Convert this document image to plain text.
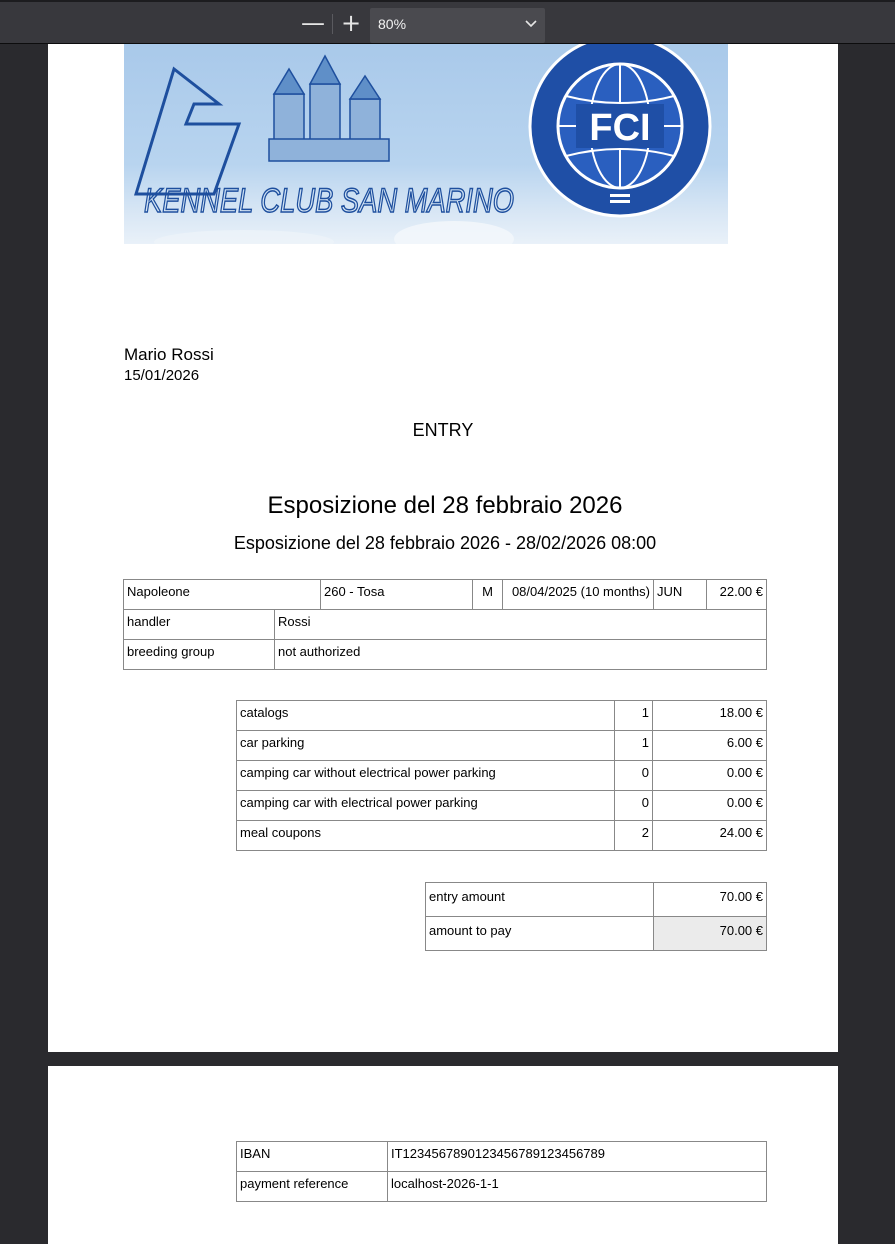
— +	80%
FCI
KENNEL CLUB SAN MARINO
Mario Rossi
15/01/2026
ENTRY
Esposizione del 28 febbraio 2026
Esposizione del 28 febbraio 2026 - 28/02/2026 08:00
Napoleone		260 - Tosa	M	08/04/2025 (10 months)	JUN	22.00 €
handler	Rossi					
breeding group	not authorized					
catalogs	1	18.00 €
car parking	1	6.00 €
camping car without electrical power parking	0	0.00 €
camping car with electrical power parking	0	0.00 €
meal coupons	2	24.00 €
entry amount	70.00 €
amount to pay	70.00 €
IBAN	IT12345678901234567891234567​89
payment reference	localhost-2026-1-1
